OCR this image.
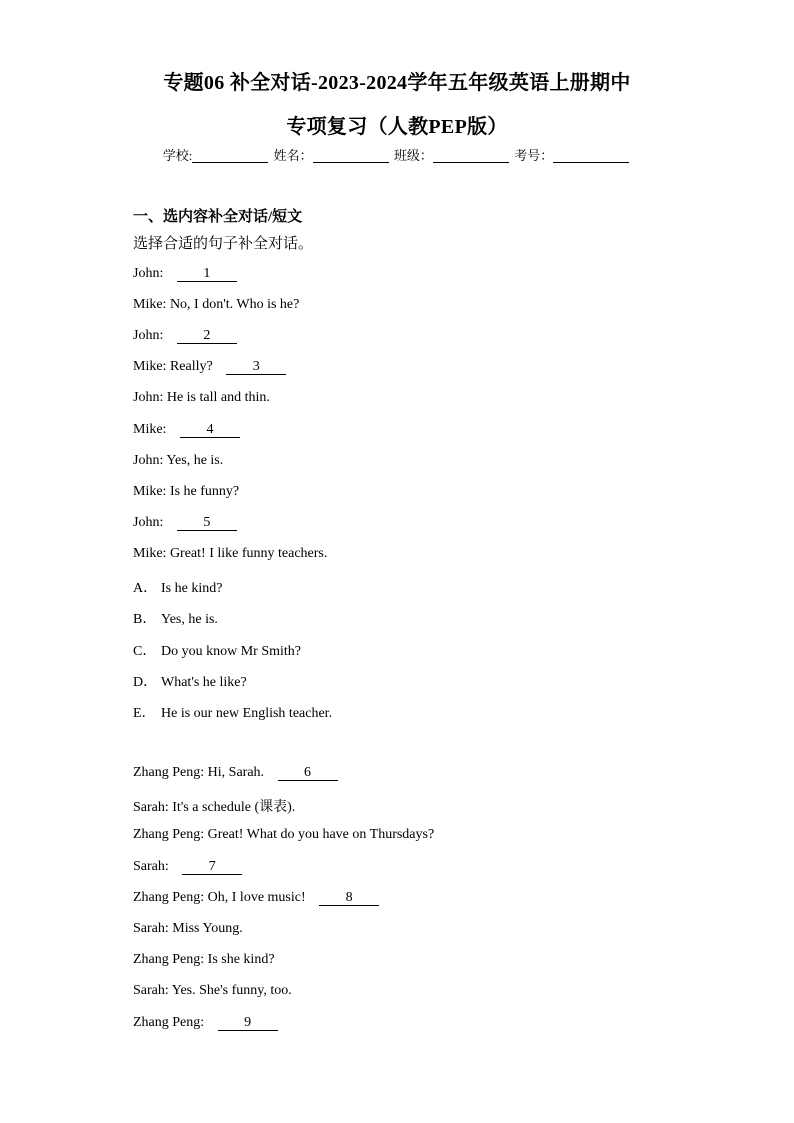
专题06 补全对话-2023-2024学年五年级英语上册期中
专项复习（人教PEP版）
学校:	姓名：	班级：	考号：
一、选内容补全对话/短文
选择合适的句子补全对话。
John:	1
Mike: No, I don't. Who is he?
John:	2
Mike: Really?	3
John: He is tall and thin.
Mike:	4
John: Yes, he is.
Mike: Is he funny?
John:	5
Mike: Great! I like funny teachers.
A． Is he kind?
B． Yes, he is.
C． Do you know Mr Smith?
D． What's he like?
E． He is our new English teacher.
Zhang Peng: Hi, Sarah.	6
Sarah: It's a schedule (课表).
Zhang Peng: Great! What do you have on Thursdays?
Sarah:	7
Zhang Peng: Oh, I love music!	8
Sarah: Miss Young.
Zhang Peng: Is she kind?
Sarah: Yes. She's funny, too.
Zhang Peng:	9
